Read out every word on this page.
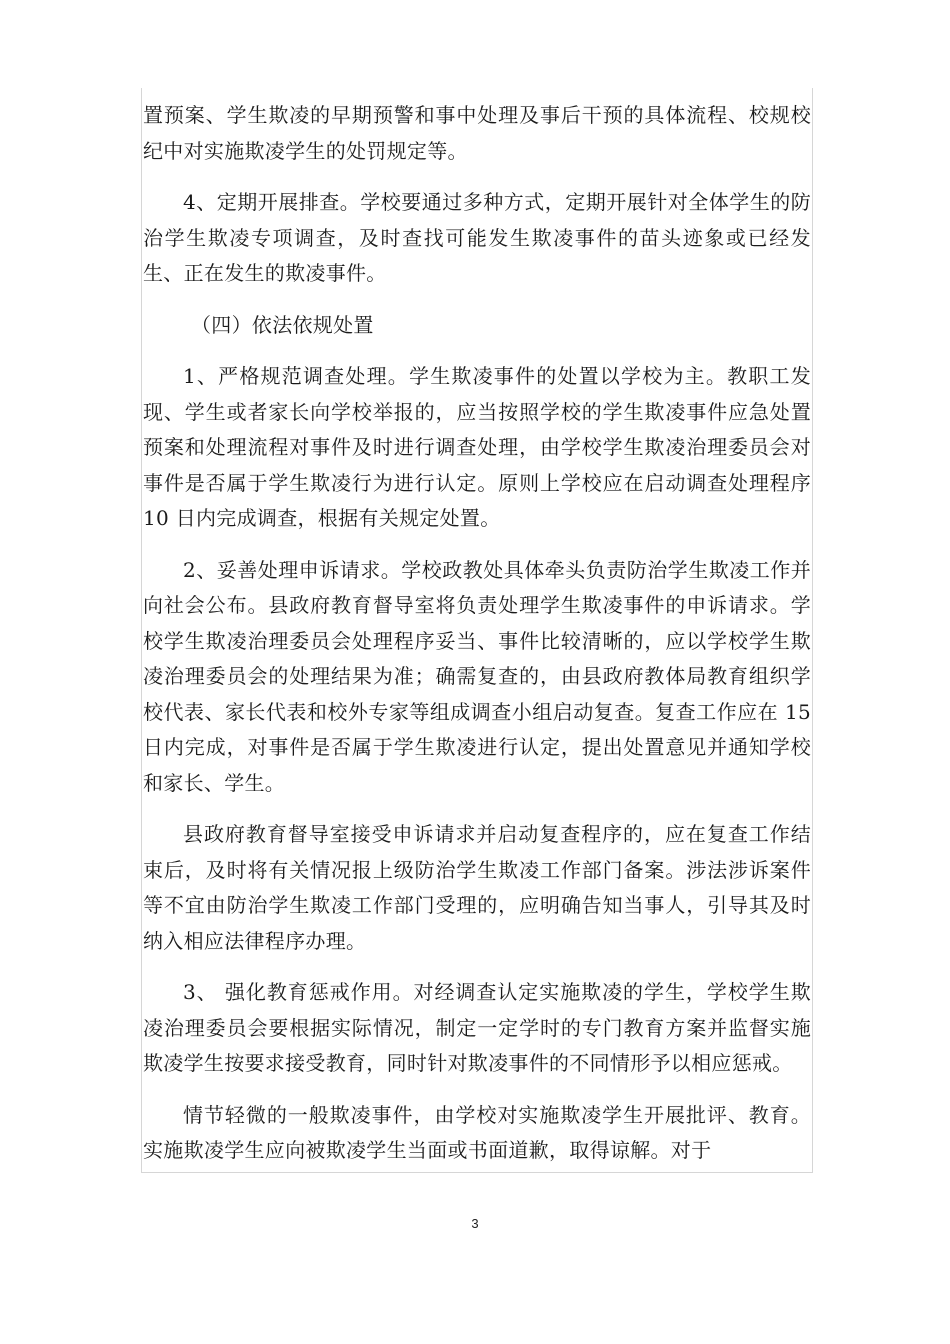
置预案、学生欺凌的早期预警和事中处理及事后干预的具体流程、校规校纪中对实施欺凌学生的处罚规定等。

4、定期开展排查。学校要通过多种方式，定期开展针对全体学生的防治学生欺凌专项调查，及时查找可能发生欺凌事件的苗头迹象或已经发生、正在发生的欺凌事件。

（四）依法依规处置

1、严格规范调查处理。学生欺凌事件的处置以学校为主。教职工发现、学生或者家长向学校举报的，应当按照学校的学生欺凌事件应急处置预案和处理流程对事件及时进行调查处理，由学校学生欺凌治理委员会对事件是否属于学生欺凌行为进行认定。原则上学校应在启动调查处理程序 10 日内完成调查，根据有关规定处置。

2、妥善处理申诉请求。学校政教处具体牵头负责防治学生欺凌工作并向社会公布。县政府教育督导室将负责处理学生欺凌事件的申诉请求。学校学生欺凌治理委员会处理程序妥当、事件比较清晰的，应以学校学生欺凌治理委员会的处理结果为准；确需复查的，由县政府教体局教育组织学校代表、家长代表和校外专家等组成调查小组启动复查。复查工作应在 15 日内完成，对事件是否属于学生欺凌进行认定，提出处置意见并通知学校和家长、学生。

县政府教育督导室接受申诉请求并启动复查程序的，应在复查工作结束后，及时将有关情况报上级防治学生欺凌工作部门备案。涉法涉诉案件等不宜由防治学生欺凌工作部门受理的，应明确告知当事人，引导其及时纳入相应法律程序办理。

3、 强化教育惩戒作用。对经调查认定实施欺凌的学生，学校学生欺凌治理委员会要根据实际情况，制定一定学时的专门教育方案并监督实施欺凌学生按要求接受教育，同时针对欺凌事件的不同情形予以相应惩戒。

情节轻微的一般欺凌事件，由学校对实施欺凌学生开展批评、教育。实施欺凌学生应向被欺凌学生当面或书面道歉，取得谅解。对于

3
